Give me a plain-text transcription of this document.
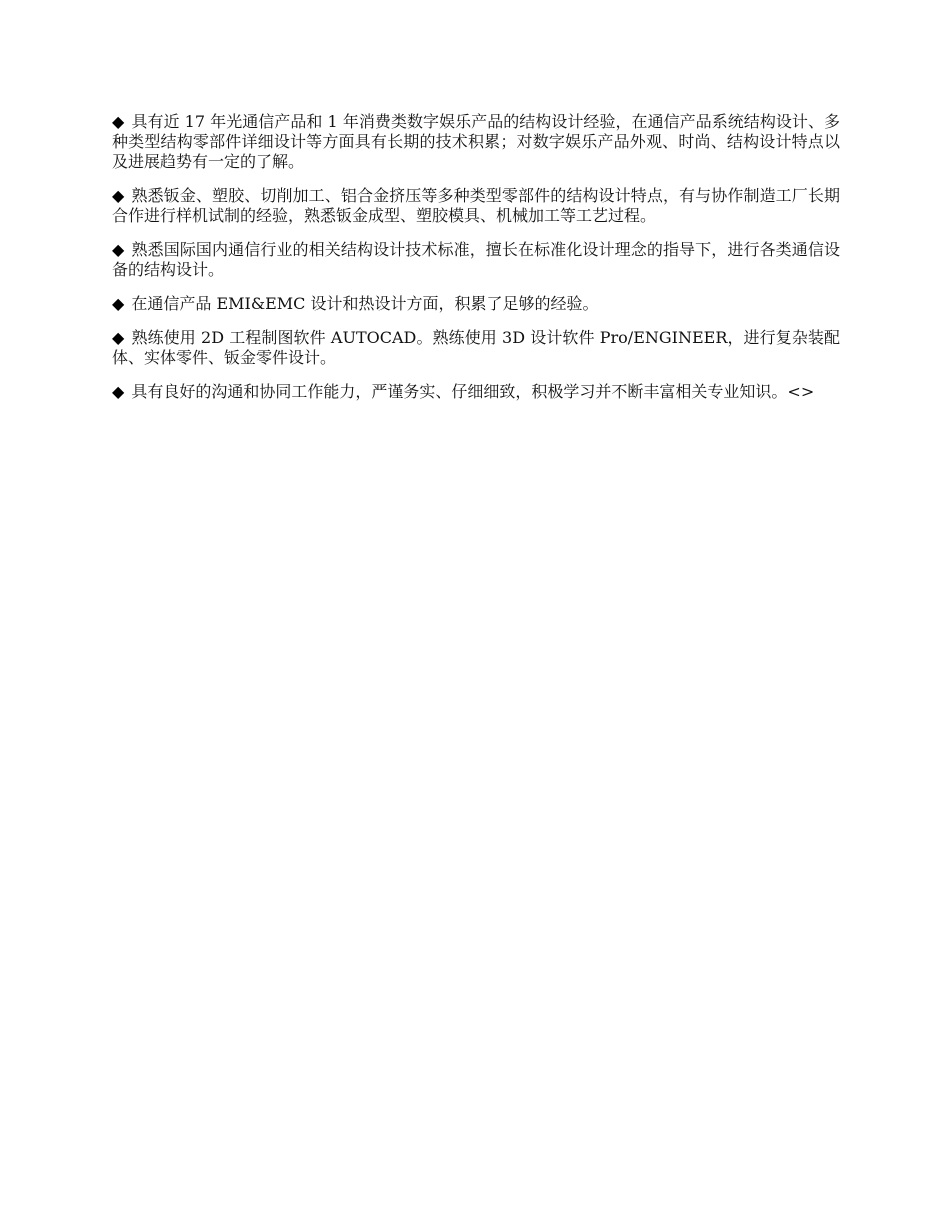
◆ 具有近 17 年光通信产品和 1 年消费类数字娱乐产品的结构设计经验，在通信产品系统结构设计、多种类型结构零部件详细设计等方面具有长期的技术积累；对数字娱乐产品外观、时尚、结构设计特点以及进展趋势有一定的了解。

◆ 熟悉钣金、塑胶、切削加工、铝合金挤压等多种类型零部件的结构设计特点，有与协作制造工厂长期合作进行样机试制的经验，熟悉钣金成型、塑胶模具、机械加工等工艺过程。

◆ 熟悉国际国内通信行业的相关结构设计技术标准，擅长在标准化设计理念的指导下，进行各类通信设备的结构设计。

◆ 在通信产品 EMI&EMC 设计和热设计方面，积累了足够的经验。

◆ 熟练使用 2D 工程制图软件 AUTOCAD。熟练使用 3D 设计软件 Pro/ENGINEER，进行复杂装配体、实体零件、钣金零件设计。

◆ 具有良好的沟通和协同工作能力，严谨务实、仔细细致，积极学习并不断丰富相关专业知识。<>
